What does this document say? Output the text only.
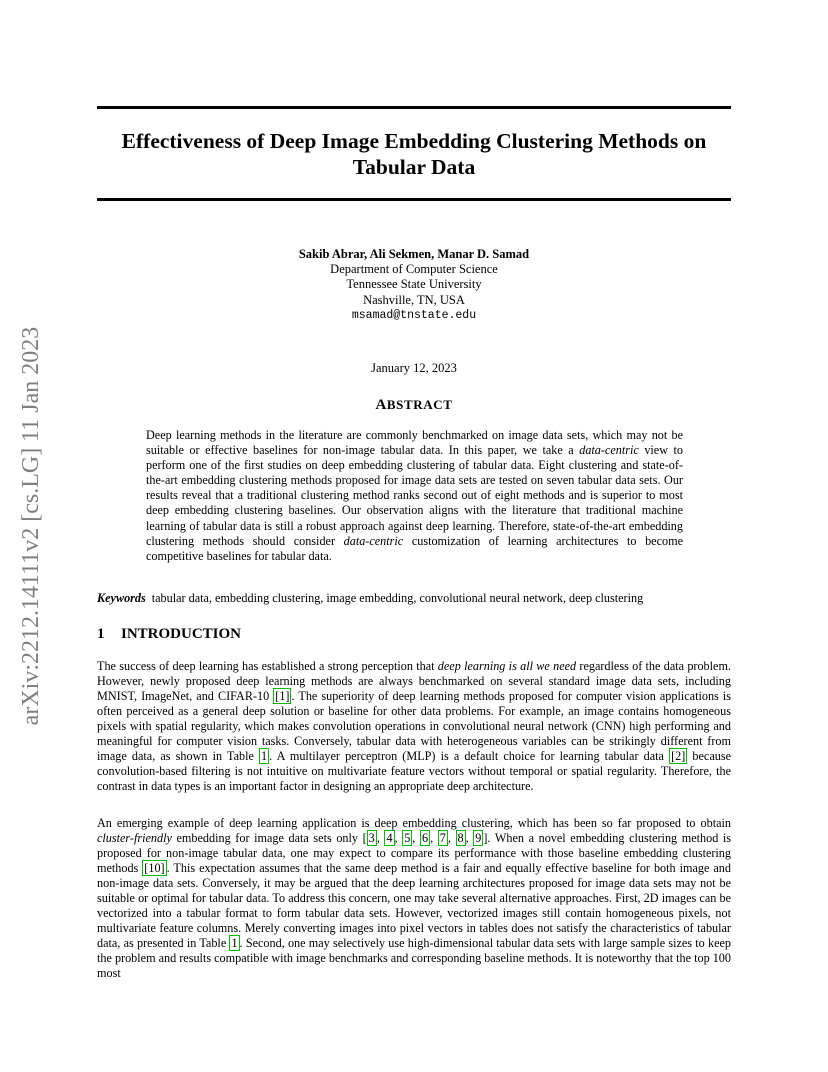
arXiv:2212.14111v2 [cs.LG] 11 Jan 2023
Effectiveness of Deep Image Embedding Clustering Methods on
Tabular Data
Sakib Abrar, Ali Sekmen, Manar D. Samad
Department of Computer Science
Tennessee State University
Nashville, TN, USA
msamad@tnstate.edu
January 12, 2023
ABSTRACT
Deep learning methods in the literature are commonly benchmarked on image data sets, which may not be suitable or effective baselines for non-image tabular data. In this paper, we take a data-centric view to perform one of the first studies on deep embedding clustering of tabular data. Eight clustering and state-of-the-art embedding clustering methods proposed for image data sets are tested on seven tabular data sets. Our results reveal that a traditional clustering method ranks second out of eight methods and is superior to most deep embedding clustering baselines. Our observation aligns with the literature that traditional machine learning of tabular data is still a robust approach against deep learning. Therefore, state-of-the-art embedding clustering methods should consider data-centric customization of learning architectures to become competitive baselines for tabular data.
Keywords tabular data, embedding clustering, image embedding, convolutional neural network, deep clustering
1 INTRODUCTION
The success of deep learning has established a strong perception that deep learning is all we need regardless of the data problem. However, newly proposed deep learning methods are always benchmarked on several standard image data sets, including MNIST, ImageNet, and CIFAR-10 [1] . The superiority of deep learning methods proposed for computer vision applications is often perceived as a general deep solution or baseline for other data problems. For example, an image contains homogeneous pixels with spatial regularity, which makes convolution operations in convolutional neural network (CNN) high performing and meaningful for computer vision tasks. Conversely, tabular data with heterogeneous variables can be strikingly different from image data, as shown in Table 1 . A multilayer perceptron (MLP) is a default choice for learning tabular data [2] because convolution-based filtering is not intuitive on multivariate feature vectors without temporal or spatial regularity. Therefore, the contrast in data types is an important factor in designing an appropriate deep architecture.
An emerging example of deep learning application is deep embedding clustering, which has been so far proposed to obtain cluster-friendly embedding for image data sets only [ 3 , 4 , 5 , 6 , 7 , 8 , 9 ]. When a novel embedding clustering method is proposed for non-image tabular data, one may expect to compare its performance with those baseline embedding clustering methods [10] . This expectation assumes that the same deep method is a fair and equally effective baseline for both image and non-image data sets. Conversely, it may be argued that the deep learning architectures proposed for image data sets may not be suitable or optimal for tabular data. To address this concern, one may take several alternative approaches. First, 2D images can be vectorized into a tabular format to form tabular data sets. However, vectorized images still contain homogeneous pixels, not multivariate feature columns. Merely converting images into pixel vectors in tables does not satisfy the characteristics of tabular data, as presented in Table 1 . Second, one may selectively use high-dimensional tabular data sets with large sample sizes to keep the problem and results compatible with image benchmarks and corresponding baseline methods. It is noteworthy that the top 100 most
